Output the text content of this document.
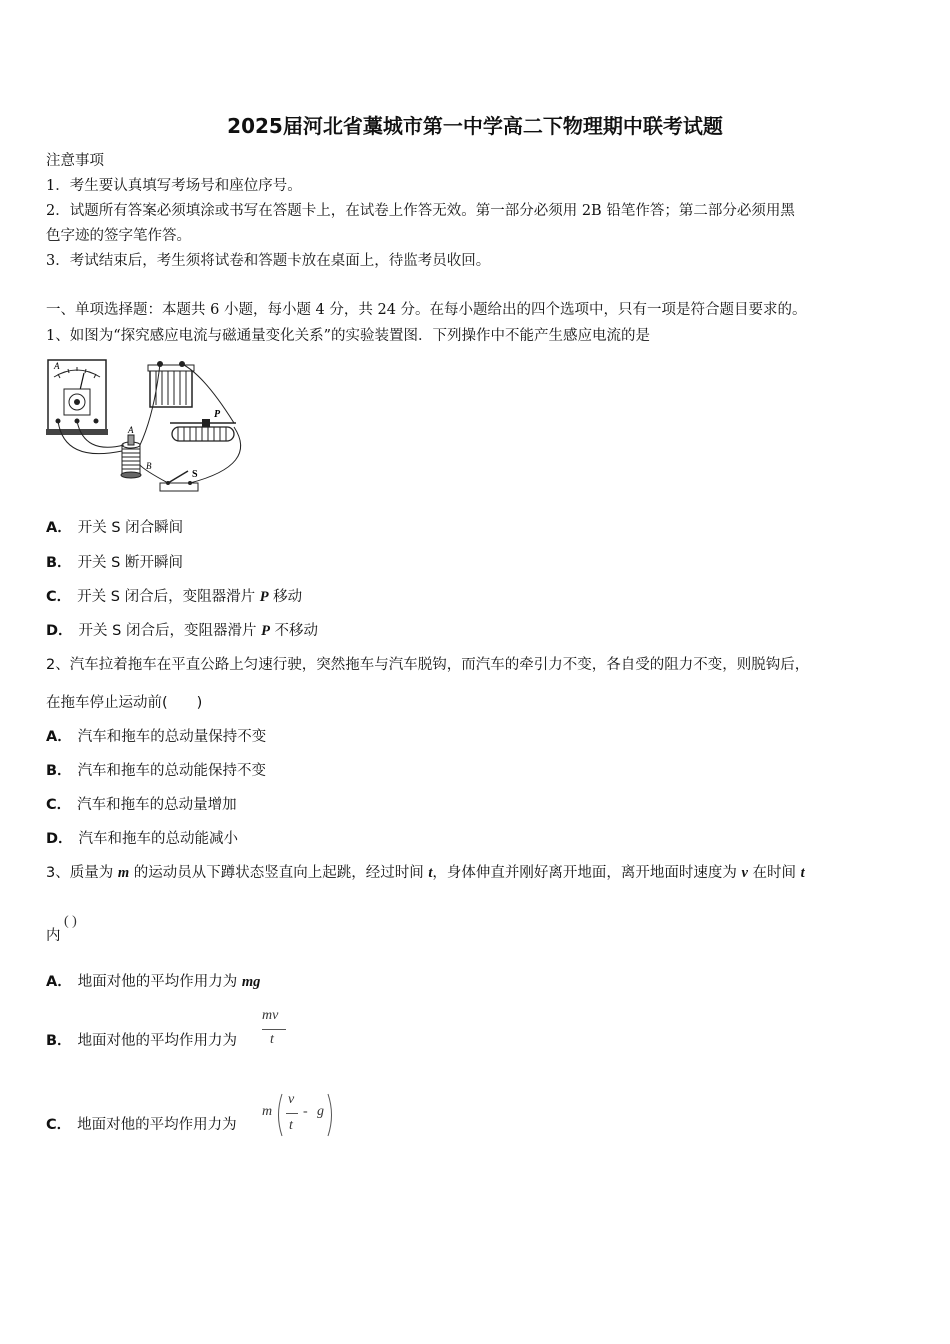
2025届河北省藁城市第一中学高二下物理期中联考试题
注意事项
1．考生要认真填写考场号和座位序号。
2．试题所有答案必须填涂或书写在答题卡上，在试卷上作答无效。第一部分必须用 2B 铅笔作答；第二部分必须用黑
色字迹的签字笔作答。
3．考试结束后，考生须将试卷和答题卡放在桌面上，待监考员收回。
一、单项选择题：本题共 6 小题，每小题 4 分，共 24 分。在每小题给出的四个选项中，只有一项是符合题目要求的。
1、如图为“探究感应电流与磁通量变化关系”的实验装置图．下列操作中不能产生感应电流的是
A
A
B
P
S
A． 开关 S 闭合瞬间
B． 开关 S 断开瞬间
C． 开关 S 闭合后，变阻器滑片 P 移动
D． 开关 S 闭合后，变阻器滑片 P 不移动
2、汽车拉着拖车在平直公路上匀速行驶，突然拖车与汽车脱钩，而汽车的牵引力不变，各自受的阻力不变，则脱钩后，
在拖车停止运动前(　　)
A． 汽车和拖车的总动量保持不变
B． 汽车和拖车的总动能保持不变
C． 汽车和拖车的总动量增加
D． 汽车和拖车的总动能减小
3、质量为 m 的运动员从下蹲状态竖直向上起跳，经过时间 t，身体伸直并刚好离开地面，离开地面时速度为 v 在时间 t
内
( )
A． 地面对他的平均作用力为 mg
B． 地面对他的平均作用力为
mv
t
C． 地面对他的平均作用力为
m
v
t
- g
